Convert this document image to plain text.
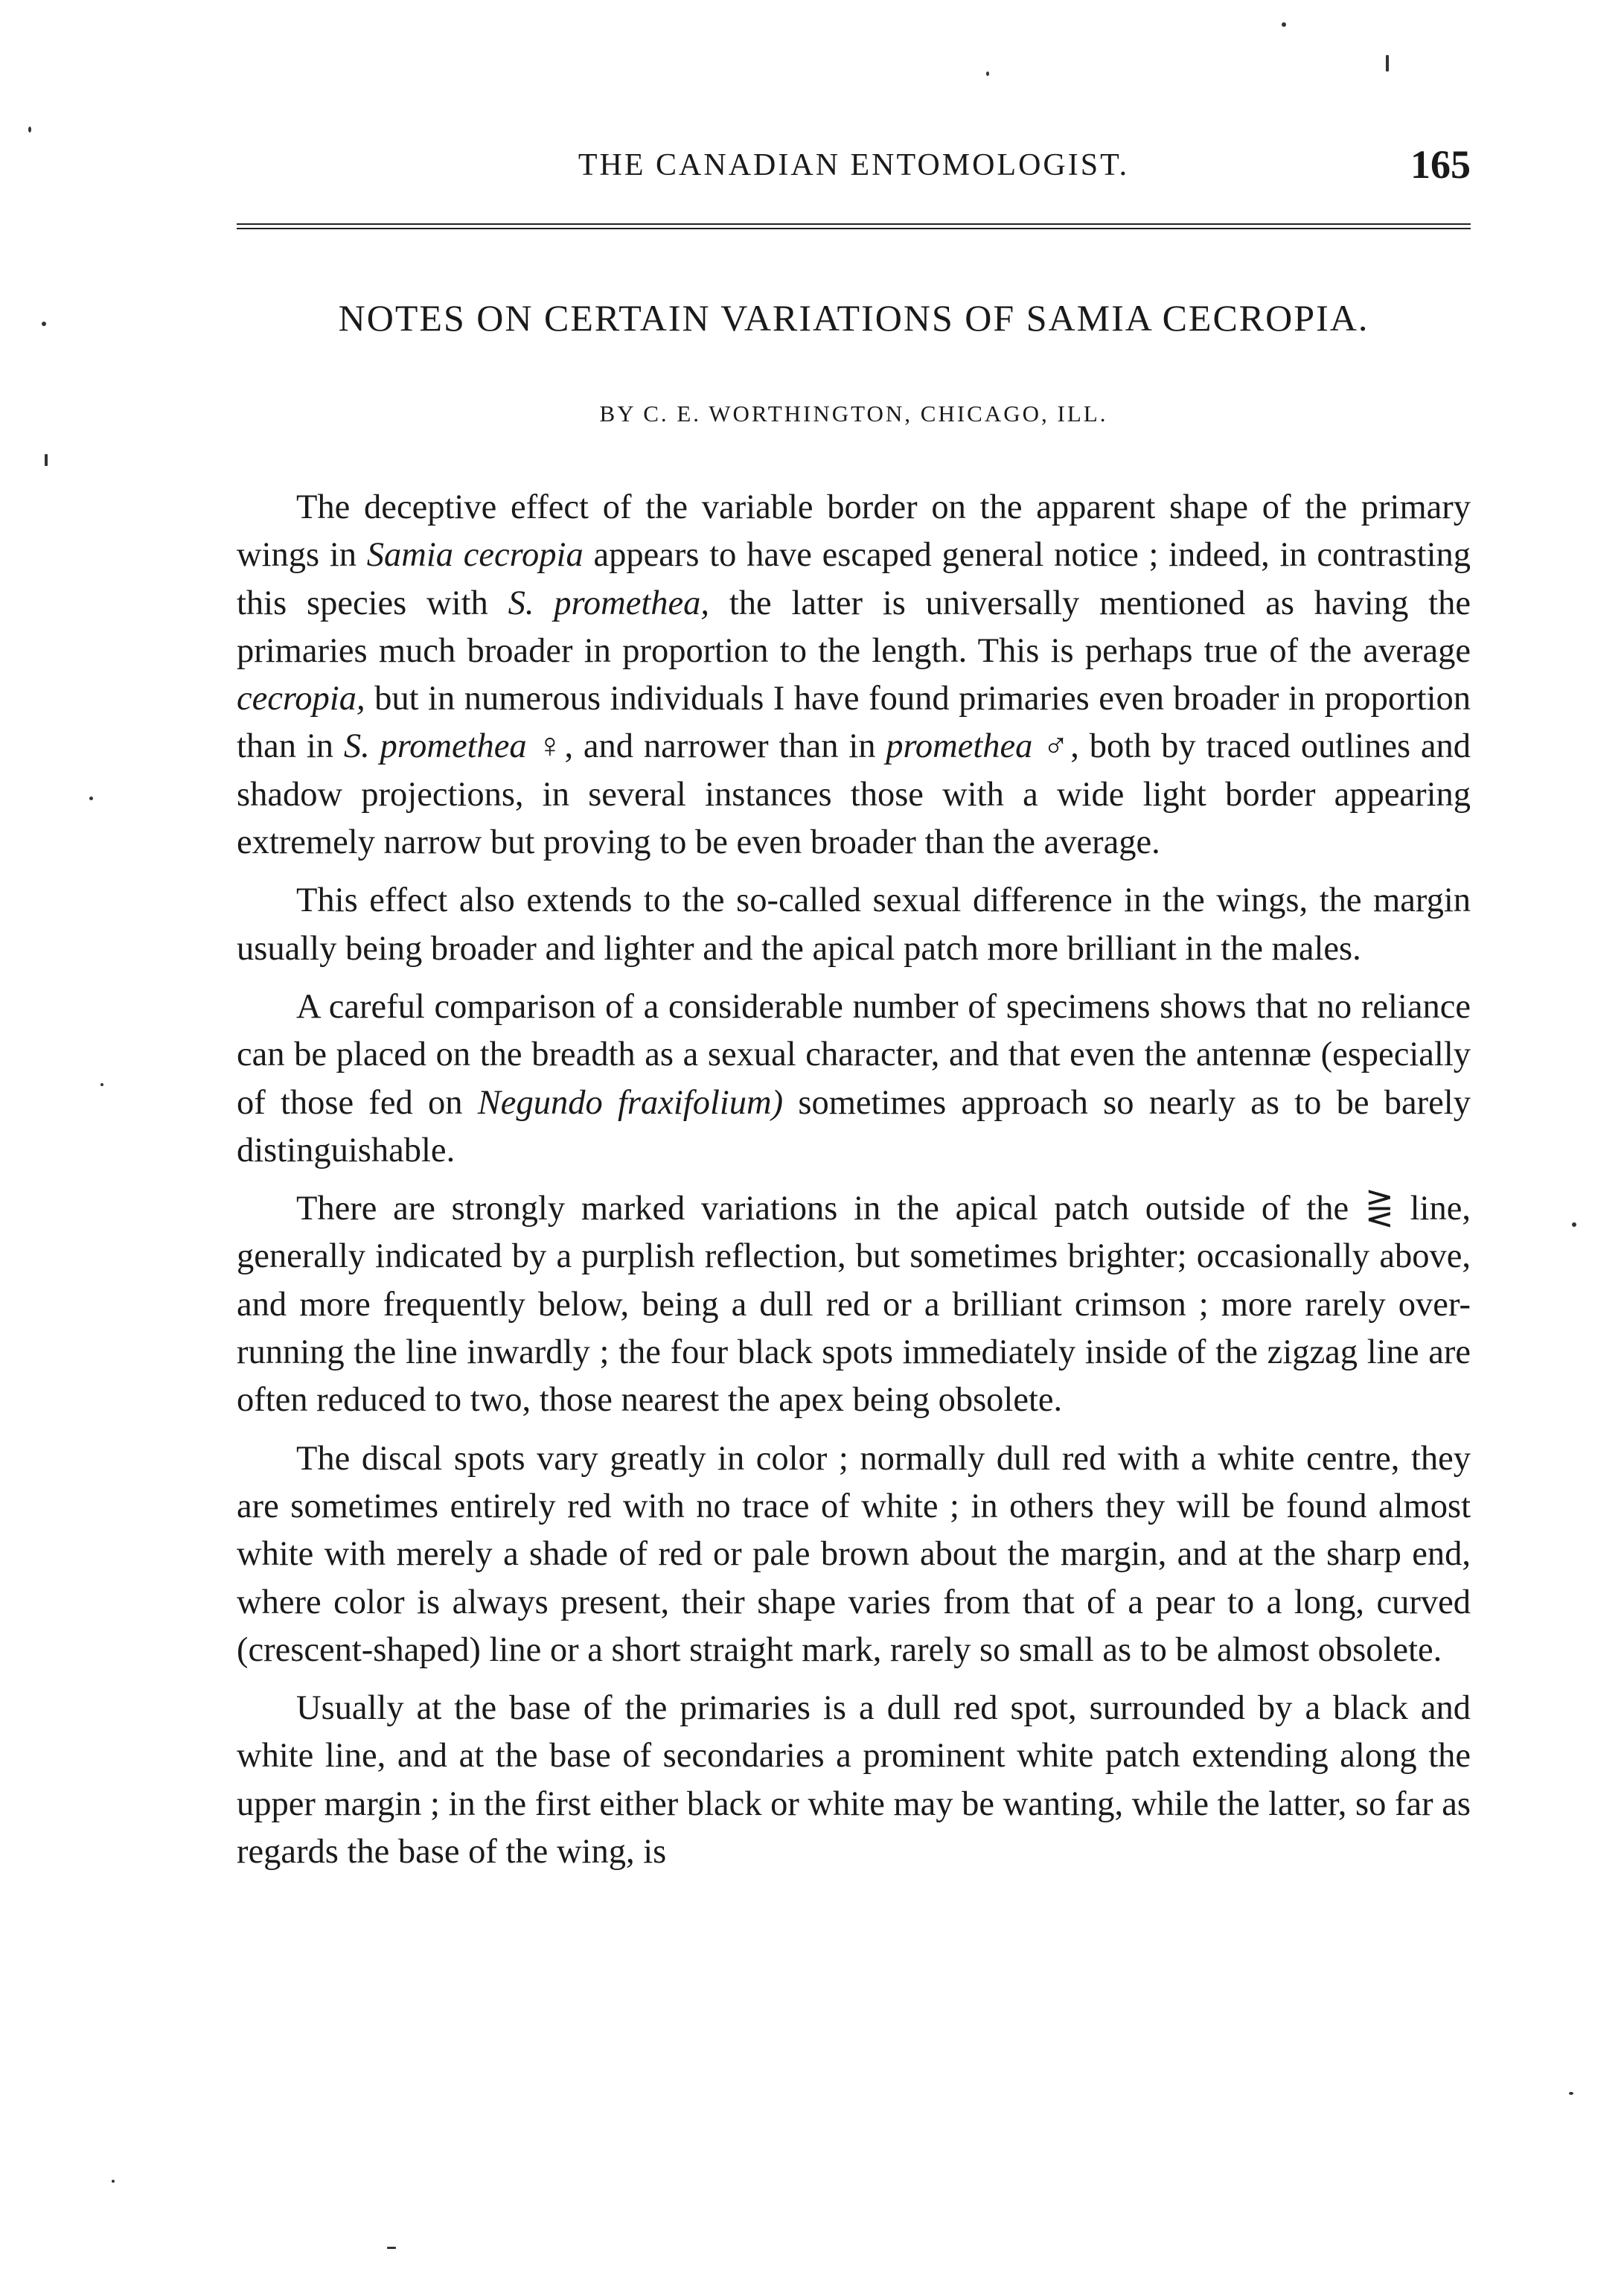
THE CANADIAN ENTOMOLOGIST.	165
NOTES ON CERTAIN VARIATIONS OF SAMIA CECROPIA.
BY C. E. WORTHINGTON, CHICAGO, ILL.

The deceptive effect of the variable border on the apparent shape of the primary wings in Samia cecropia appears to have escaped general notice ; indeed, in contrasting this species with S. promethea, the latter is universally mentioned as having the primaries much broader in proportion to the length. This is perhaps true of the average cecropia, but in numerous individuals I have found primaries even broader in proportion than in S. promethea ♀, and narrower than in promethea ♂, both by traced outlines and shadow projections, in several instances those with a wide light border appearing extremely narrow but proving to be even broader than the average.

This effect also extends to the so-called sexual difference in the wings, the margin usually being broader and lighter and the apical patch more brilliant in the males.

A careful comparison of a considerable number of specimens shows that no reliance can be placed on the breadth as a sexual character, and that even the antennæ (especially of those fed on Negundo fraxifolium) sometimes approach so nearly as to be barely distinguishable.

There are strongly marked variations in the apical patch outside of the ⋛ line, generally indicated by a purplish reflection, but sometimes brighter; occasionally above, and more frequently below, being a dull red or a brilliant crimson ; more rarely over-running the line inwardly ; the four black spots immediately inside of the zigzag line are often reduced to two, those nearest the apex being obsolete.

The discal spots vary greatly in color ; normally dull red with a white centre, they are sometimes entirely red with no trace of white ; in others they will be found almost white with merely a shade of red or pale brown about the margin, and at the sharp end, where color is always present, their shape varies from that of a pear to a long, curved (crescent-shaped) line or a short straight mark, rarely so small as to be almost obsolete.

Usually at the base of the primaries is a dull red spot, surrounded by a black and white line, and at the base of secondaries a prominent white patch extending along the upper margin ; in the first either black or white may be wanting, while the latter, so far as regards the base of the wing, is
